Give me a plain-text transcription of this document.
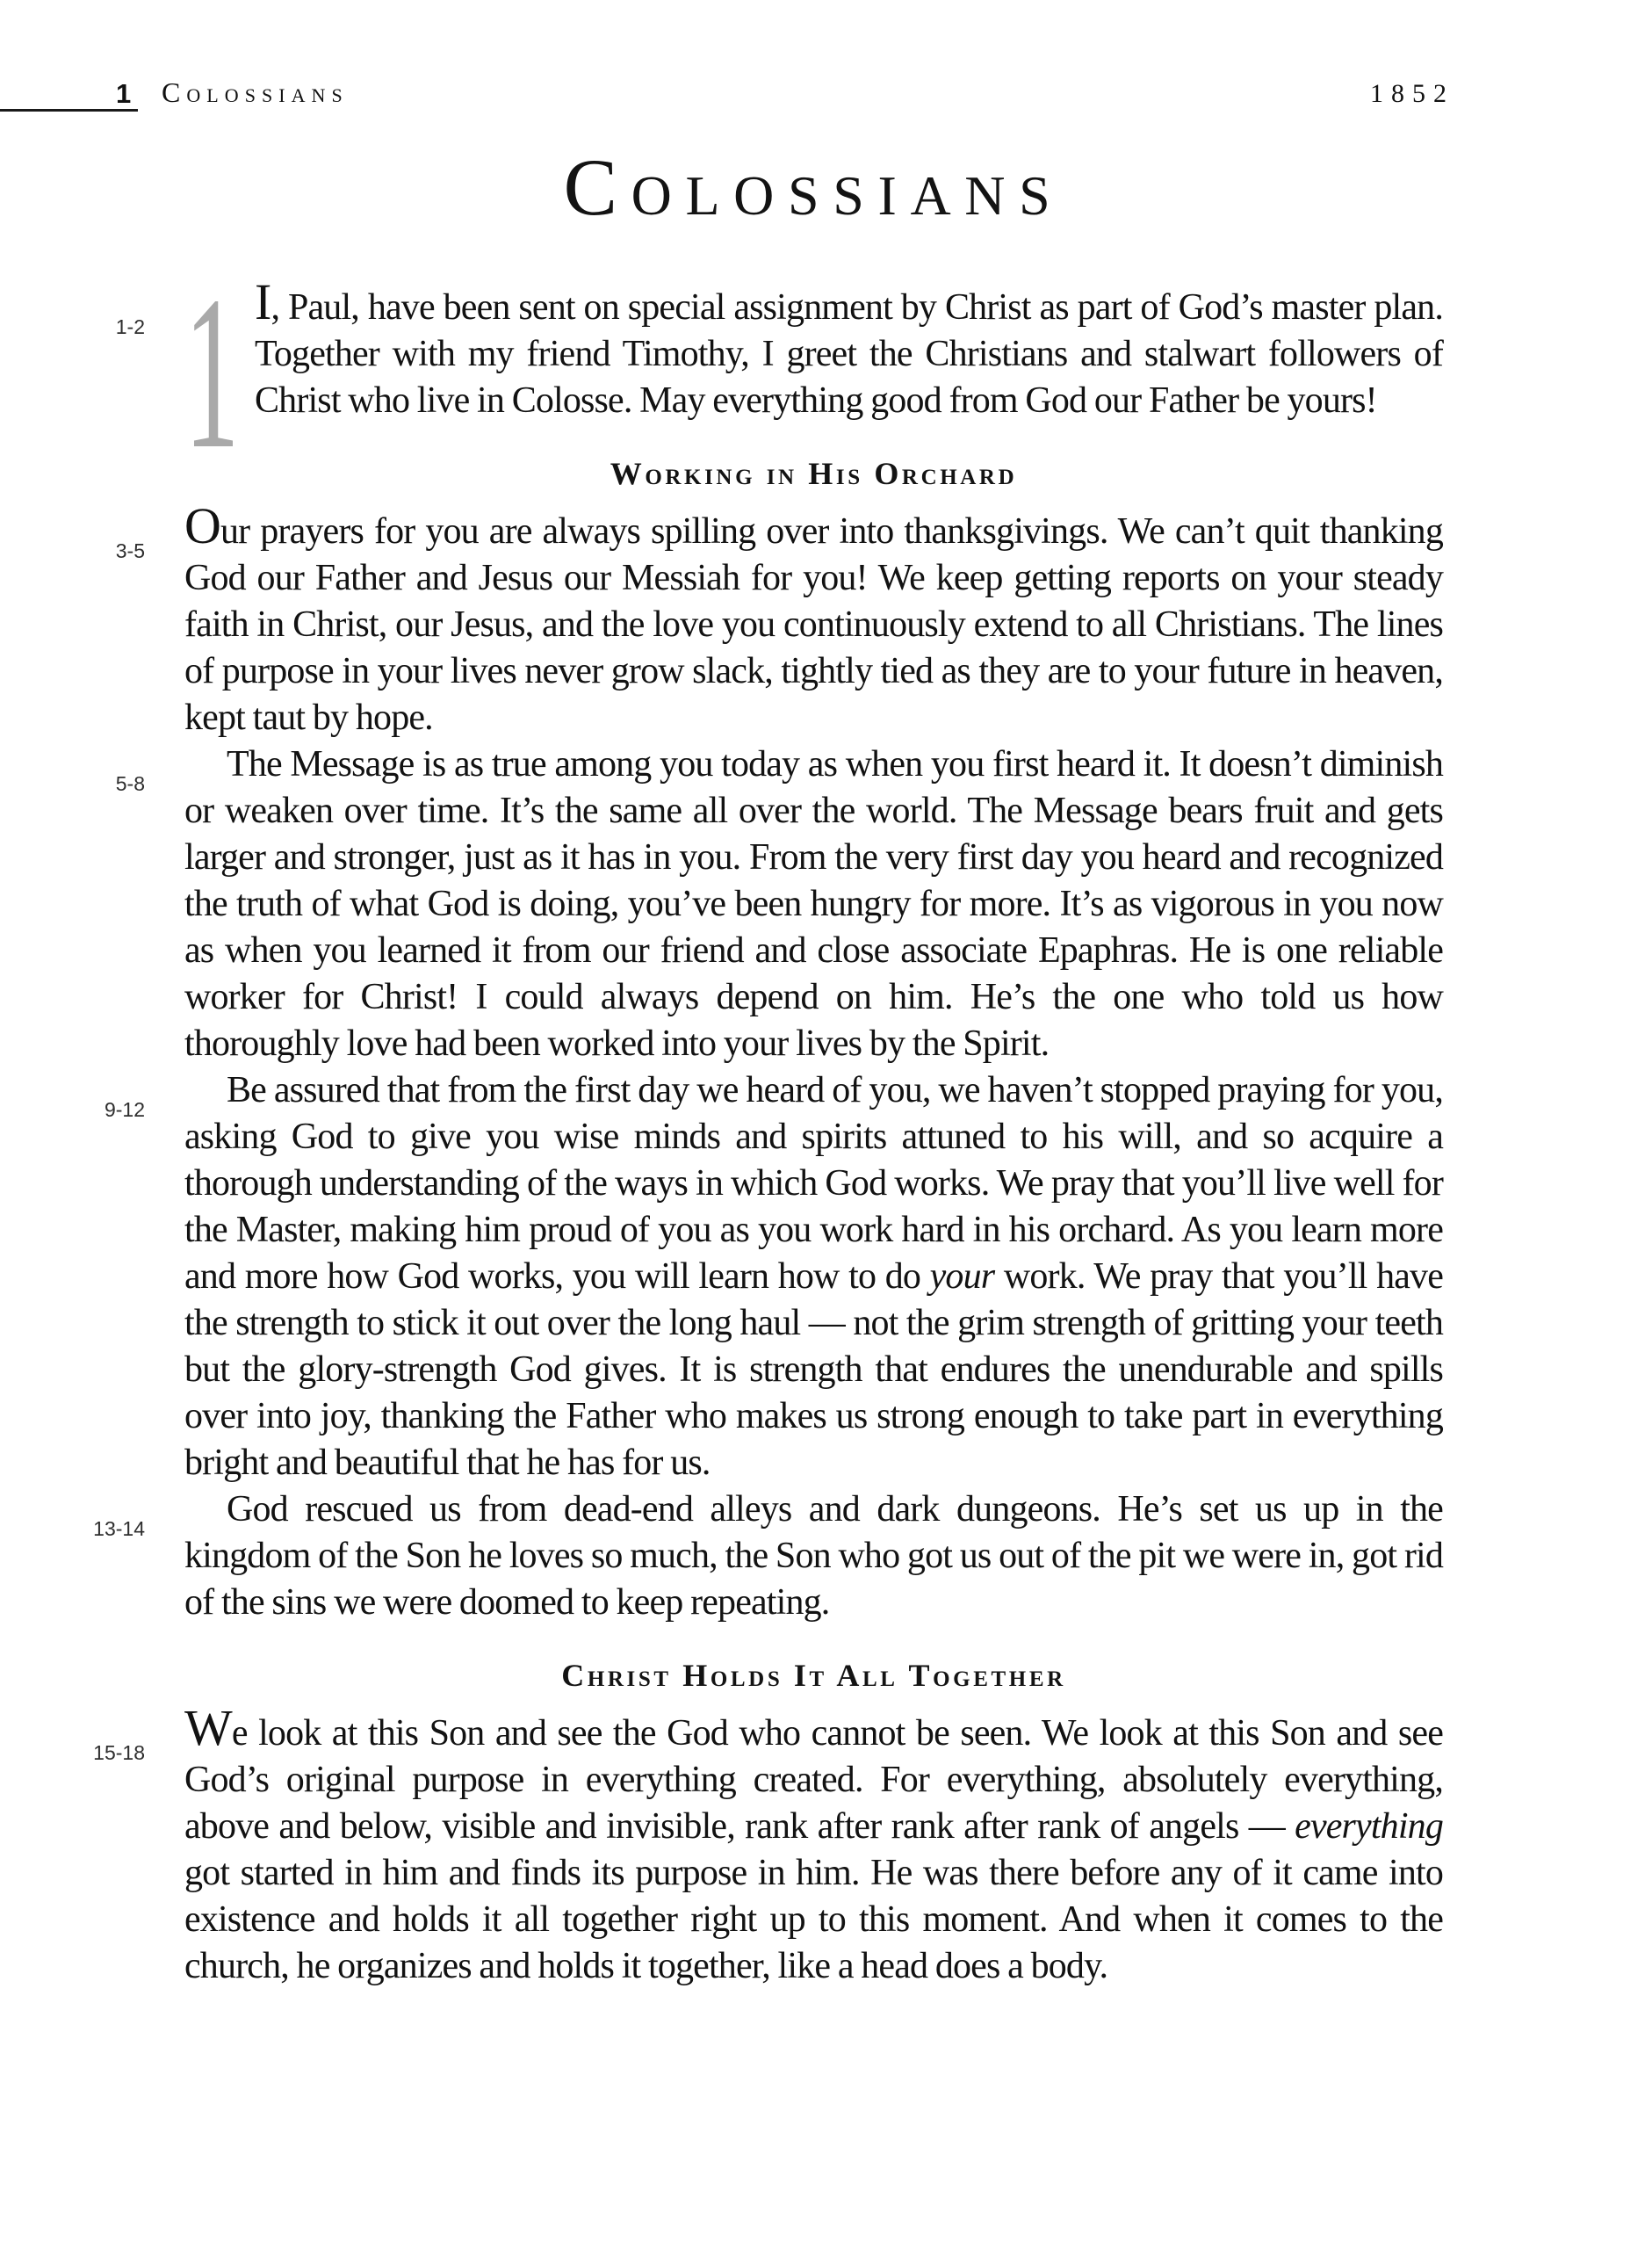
1 Colossians	1852
Colossians

1-2 1 I, Paul, have been sent on special assignment by Christ as part of God’s master plan. Together with my friend Timothy, I greet the Christians and stalwart followers of Christ who live in Colosse. May everything good from God our Father be yours!

Working in His Orchard

3-5 Our prayers for you are always spilling over into thanksgivings. We can’t quit thanking God our Father and Jesus our Messiah for you! We keep getting reports on your steady faith in Christ, our Jesus, and the love you continuously extend to all Christians. The lines of purpose in your lives never grow slack, tightly tied as they are to your future in heaven, kept taut by hope.

5-8 The Message is as true among you today as when you first heard it. It doesn’t diminish or weaken over time. It’s the same all over the world. The Message bears fruit and gets larger and stronger, just as it has in you. From the very first day you heard and recognized the truth of what God is doing, you’ve been hungry for more. It’s as vigorous in you now as when you learned it from our friend and close associate Epaphras. He is one reliable worker for Christ! I could always depend on him. He’s the one who told us how thoroughly love had been worked into your lives by the Spirit.

9-12 Be assured that from the first day we heard of you, we haven’t stopped praying for you, asking God to give you wise minds and spirits attuned to his will, and so acquire a thorough understanding of the ways in which God works. We pray that you’ll live well for the Master, making him proud of you as you work hard in his orchard. As you learn more and more how God works, you will learn how to do your work. We pray that you’ll have the strength to stick it out over the long haul — not the grim strength of gritting your teeth but the glory-strength God gives. It is strength that endures the unendurable and spills over into joy, thanking the Father who makes us strong enough to take part in everything bright and beautiful that he has for us.

13-14 God rescued us from dead-end alleys and dark dungeons. He’s set us up in the kingdom of the Son he loves so much, the Son who got us out of the pit we were in, got rid of the sins we were doomed to keep repeating.

Christ Holds It All Together

15-18 We look at this Son and see the God who cannot be seen. We look at this Son and see God’s original purpose in everything created. For everything, absolutely everything, above and below, visible and invisible, rank after rank after rank of angels — everything got started in him and finds its purpose in him. He was there before any of it came into existence and holds it all together right up to this moment. And when it comes to the church, he organizes and holds it together, like a head does a body.
